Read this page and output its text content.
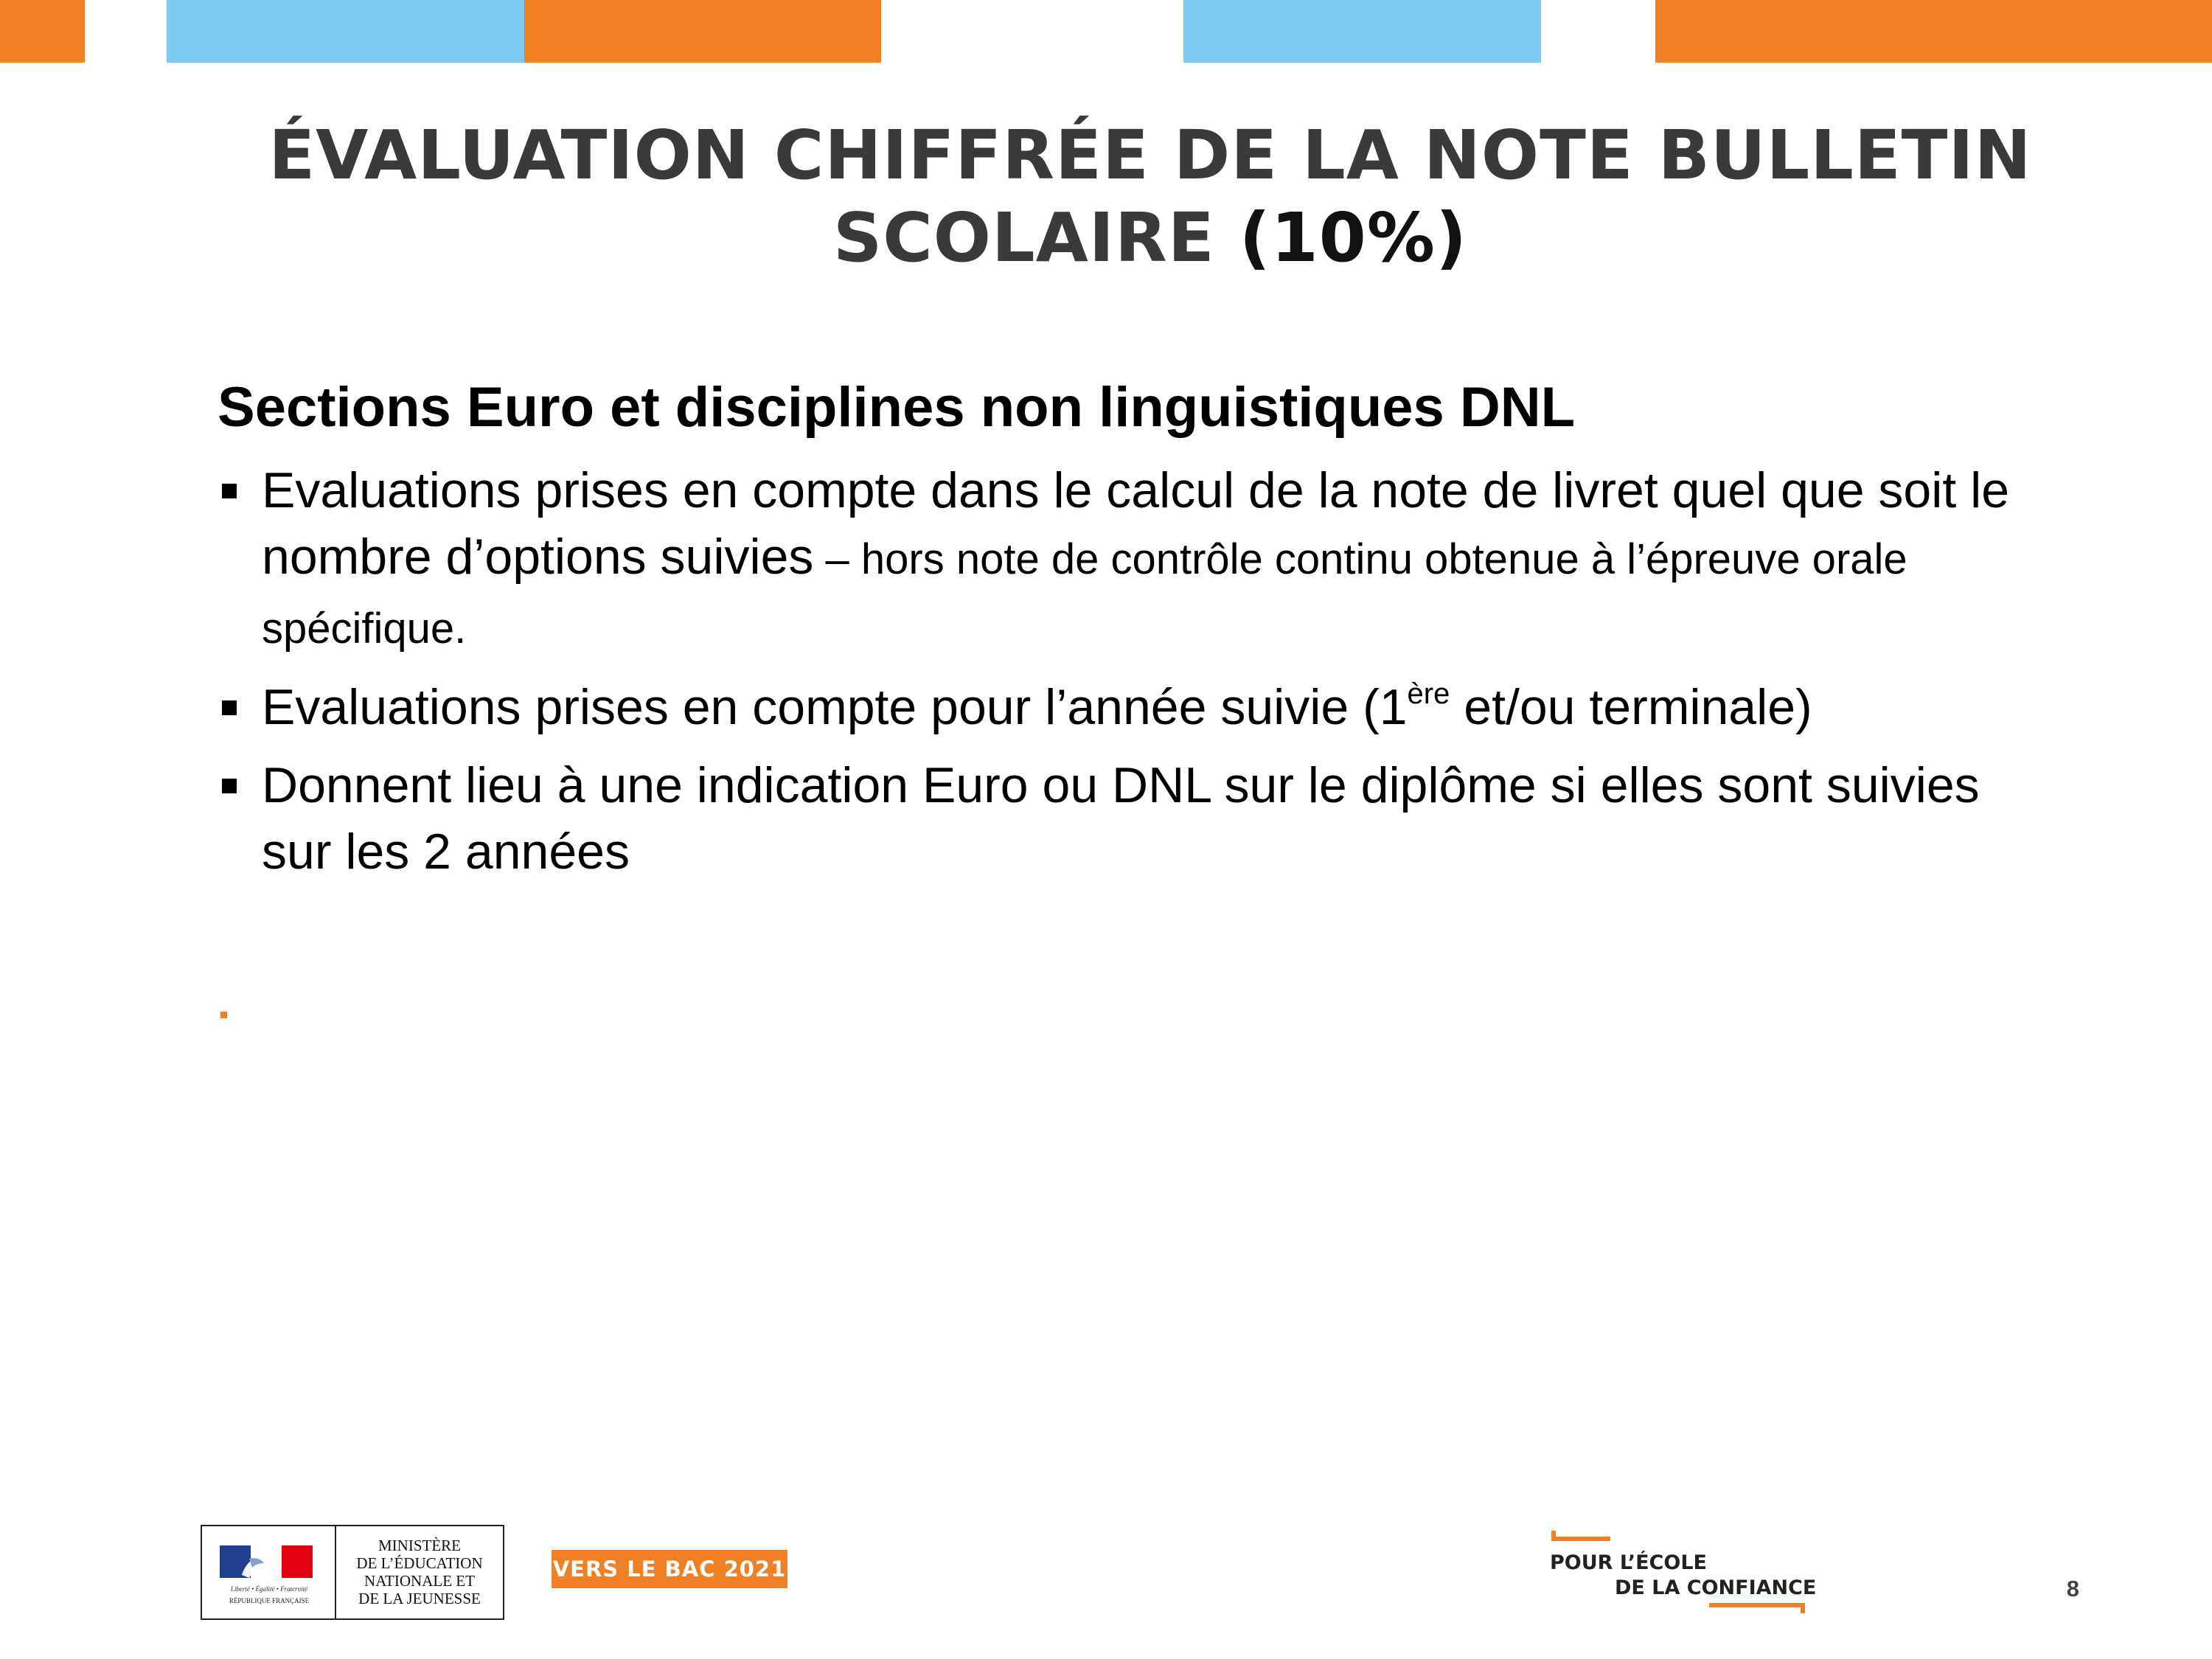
ÉVALUATION CHIFFRÉE DE LA NOTE BULLETIN
SCOLAIRE (10%)
Sections Euro et disciplines non linguistiques DNL
Evaluations prises en compte dans le calcul de la note de livret quel que soit le nombre d’options suivies – hors note de contrôle continu obtenue à l’épreuve orale spécifique.
Evaluations prises en compte pour l’année suivie (1ère et/ou terminale)
Donnent lieu à une indication Euro ou DNL sur le diplôme si elles sont suivies sur les 2 années
Liberté • Égalité • Fraternité
RÉPUBLIQUE FRANÇAISE
MINISTÈRE
DE L’ÉDUCATION
NATIONALE ET
DE LA JEUNESSE
VERS LE BAC 2021	POUR L’ÉCOLE
DE LA CONFIANCE	8
